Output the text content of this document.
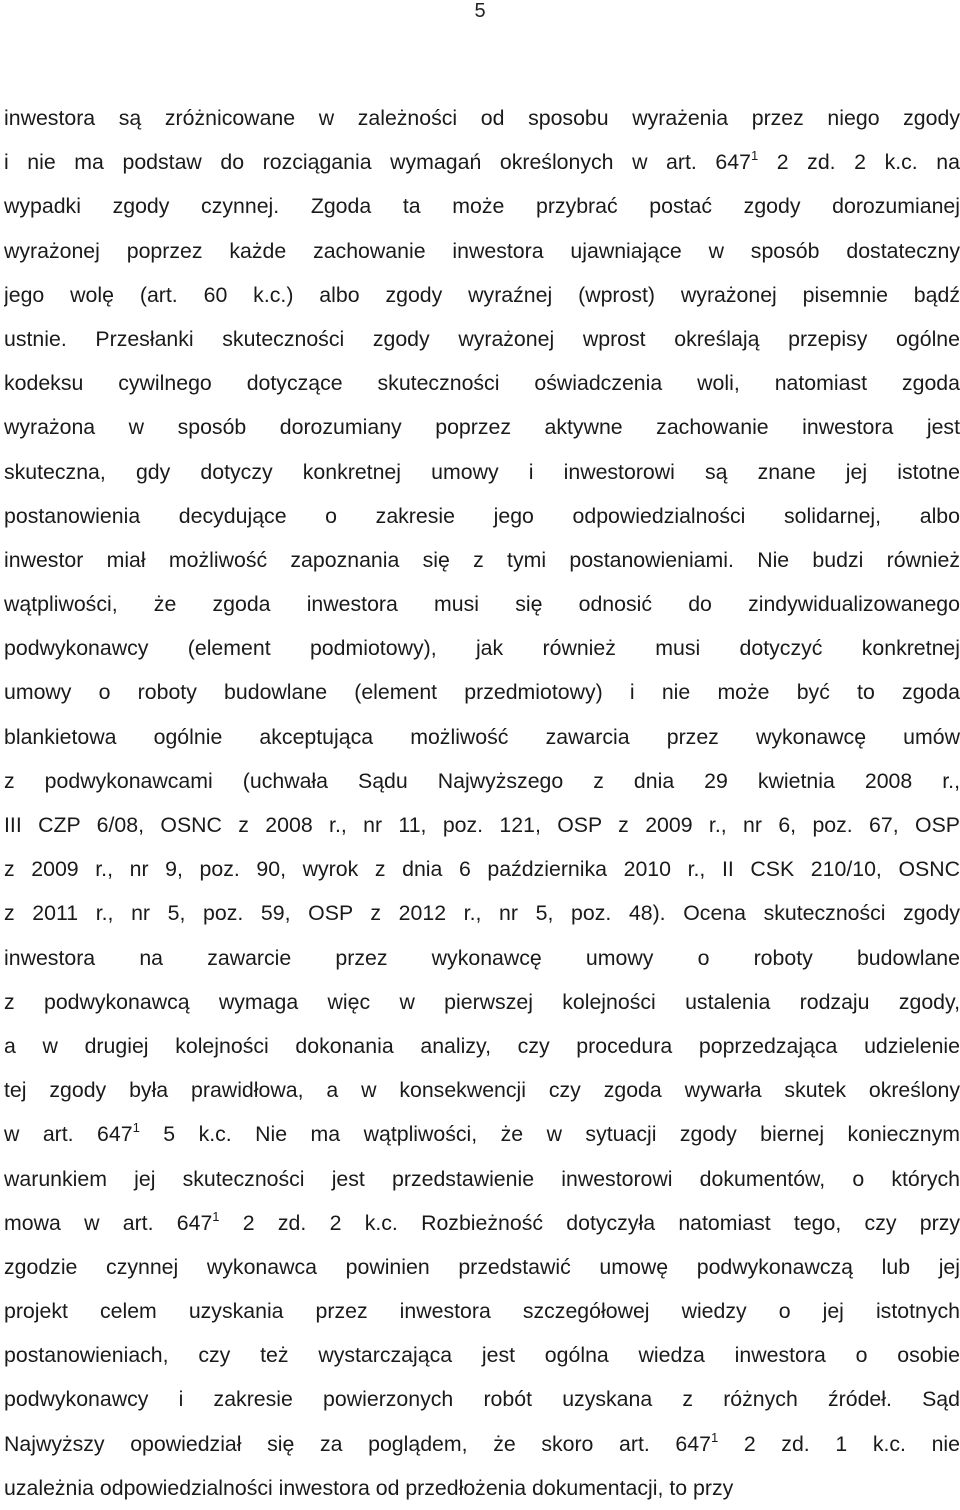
5
inwestora są zróżnicowane w zależności od sposobu wyrażenia przez niego zgody
i nie ma podstaw do rozciągania wymagań określonych w art. $647^1$ 2 zd. 2 k.c. na
wypadki zgody czynnej. Zgoda ta może przybrać postać zgody dorozumianej
wyrażonej poprzez każde zachowanie inwestora ujawniające w sposób dostateczny
jego wolę (art. 60 k.c.) albo zgody wyraźnej (wprost) wyrażonej pisemnie bądź
ustnie. Przesłanki skuteczności zgody wyrażonej wprost określają przepisy ogólne
kodeksu cywilnego dotyczące skuteczności oświadczenia woli, natomiast zgoda
wyrażona w sposób dorozumiany poprzez aktywne zachowanie inwestora jest
skuteczna, gdy dotyczy konkretnej umowy i inwestorowi są znane jej istotne
postanowienia decydujące o zakresie jego odpowiedzialności solidarnej, albo
inwestor miał możliwość zapoznania się z tymi postanowieniami. Nie budzi również
wątpliwości, że zgoda inwestora musi się odnosić do zindywidualizowanego
podwykonawcy (element podmiotowy), jak również musi dotyczyć konkretnej
umowy o roboty budowlane (element przedmiotowy) i nie może być to zgoda
blankietowa ogólnie akceptująca możliwość zawarcia przez wykonawcę umów
z podwykonawcami (uchwała Sądu Najwyższego z dnia 29 kwietnia 2008 r.,
III CZP 6/08, OSNC z 2008 r., nr 11, poz. 121, OSP z 2009 r., nr 6, poz. 67, OSP
z 2009 r., nr 9, poz. 90, wyrok z dnia 6 października 2010 r., II CSK 210/10, OSNC
z 2011 r., nr 5, poz. 59, OSP z 2012 r., nr 5, poz. 48). Ocena skuteczności zgody
inwestora na zawarcie przez wykonawcę umowy o roboty budowlane
z podwykonawcą wymaga więc w pierwszej kolejności ustalenia rodzaju zgody,
a w drugiej kolejności dokonania analizy, czy procedura poprzedzająca udzielenie
tej zgody była prawidłowa, a w konsekwencji czy zgoda wywarła skutek określony
w art. $647^1$ 5 k.c. Nie ma wątpliwości, że w sytuacji zgody biernej koniecznym
warunkiem jej skuteczności jest przedstawienie inwestorowi dokumentów, o których
mowa w art. $647^1$ 2 zd. 2 k.c. Rozbieżność dotyczyła natomiast tego, czy przy
zgodzie czynnej wykonawca powinien przedstawić umowę podwykonawczą lub jej
projekt celem uzyskania przez inwestora szczegółowej wiedzy o jej istotnych
postanowieniach, czy też wystarczająca jest ogólna wiedza inwestora o osobie
podwykonawcy i zakresie powierzonych robót uzyskana z różnych źródeł. Sąd
Najwyższy opowiedział się za poglądem, że skoro art. $647^1$ 2 zd. 1 k.c. nie
uzależnia odpowiedzialności inwestora od przedłożenia dokumentacji, to przy
